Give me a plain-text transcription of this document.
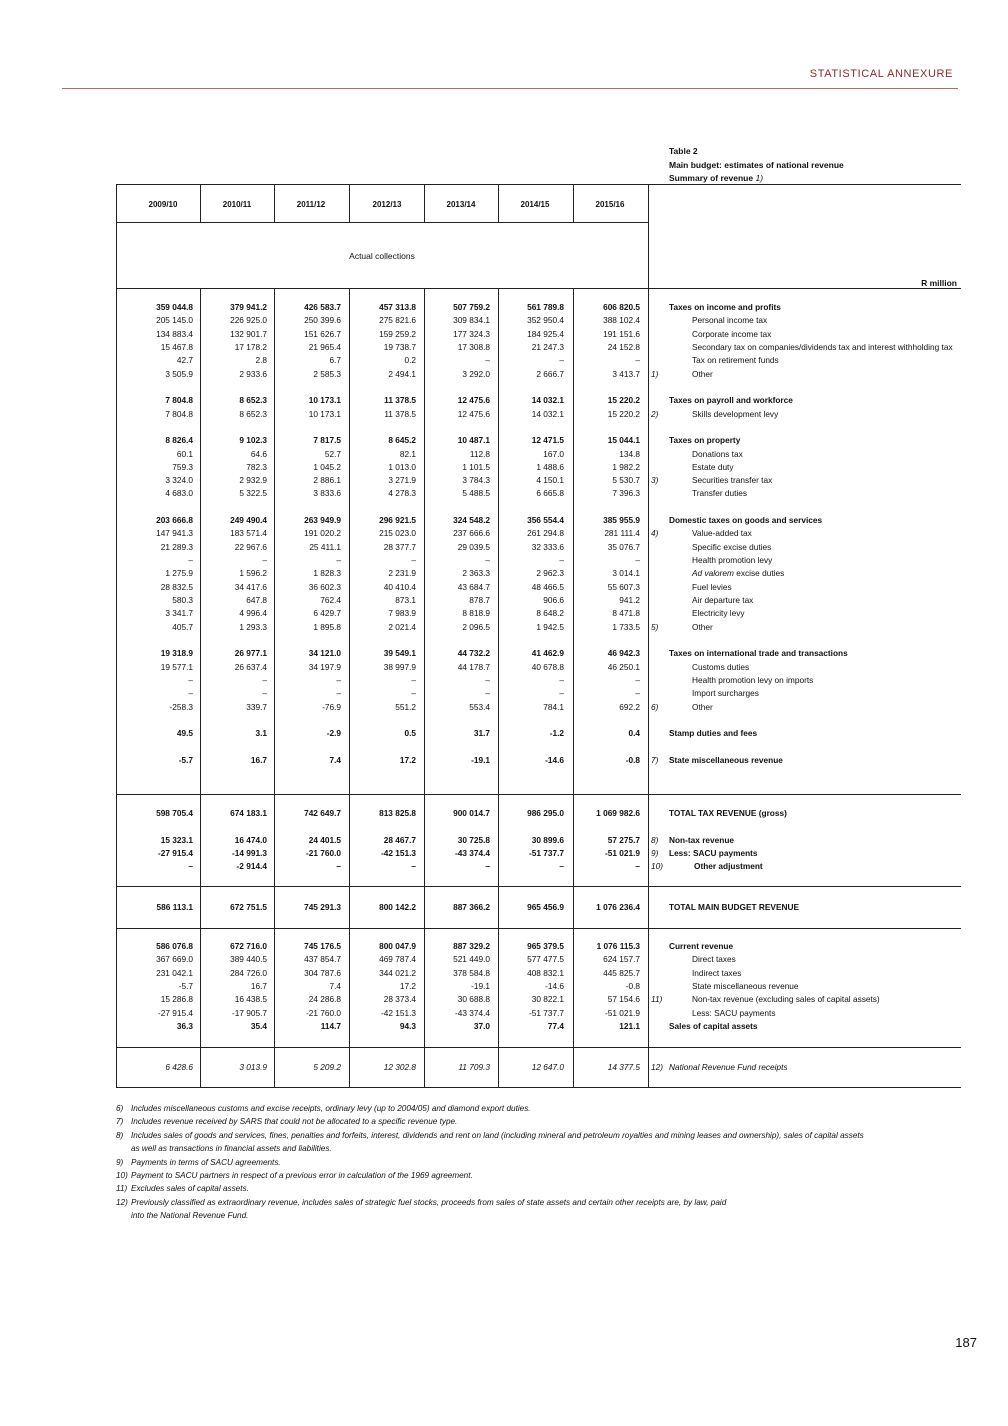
STATISTICAL ANNEXURE
Table 2
Main budget: estimates of national revenue
Summary of revenue 1)
2009/10	2010/11	2011/12	2012/13	2013/14	2014/15	2015/16
Actual collections
R million
359 044.8	379 941.2	426 583.7	457 313.8	507 759.2	561 789.8	606 820.5	Taxes on income and profits
205 145.0	226 925.0	250 399.6	275 821.6	309 834.1	352 950.4	388 102.4	Personal income tax
134 883.4	132 901.7	151 626.7	159 259.2	177 324.3	184 925.4	191 151.6	Corporate income tax
15 467.8	17 178.2	21 965.4	19 738.7	17 308.8	21 247.3	24 152.8	Secondary tax on companies/dividends tax and interest withholding tax
42.7	2.8	6.7	0.2	–	–	–	Tax on retirement funds
3 505.9	2 933.6	2 585.3	2 494.1	3 292.0	2 666.7	3 413.7 1)	Other
7 804.8	8 652.3	10 173.1	11 378.5	12 475.6	14 032.1	15 220.2	Taxes on payroll and workforce
7 804.8	8 652.3	10 173.1	11 378.5	12 475.6	14 032.1	15 220.2 2)	Skills development levy
8 826.4	9 102.3	7 817.5	8 645.2	10 487.1	12 471.5	15 044.1	Taxes on property
60.1	64.6	52.7	82.1	112.8	167.0	134.8	Donations tax
759.3	782.3	1 045.2	1 013.0	1 101.5	1 488.6	1 982.2	Estate duty
3 324.0	2 932.9	2 886.1	3 271.9	3 784.3	4 150.1	5 530.7 3)	Securities transfer tax
4 683.0	5 322.5	3 833.6	4 278.3	5 488.5	6 665.8	7 396.3	Transfer duties
203 666.8	249 490.4	263 949.9	296 921.5	324 548.2	356 554.4	385 955.9	Domestic taxes on goods and services
147 941.3	183 571.4	191 020.2	215 023.0	237 666.6	261 294.8	281 111.4 4)	Value-added tax
21 289.3	22 967.6	25 411.1	28 377.7	29 039.5	32 333.6	35 076.7	Specific excise duties
–	–	–	–	–	–	–	Health promotion levy
1 275.9	1 596.2	1 828.3	2 231.9	2 363.3	2 962.3	3 014.1	Ad valorem excise duties
28 832.5	34 417.6	36 602.3	40 410.4	43 684.7	48 466.5	55 607.3	Fuel levies
580.3	647.8	762.4	873.1	878.7	906.6	941.2	Air departure tax
3 341.7	4 996.4	6 429.7	7 983.9	8 818.9	8 648.2	8 471.8	Electricity levy
405.7	1 293.3	1 895.8	2 021.4	2 096.5	1 942.5	1 733.5 5)	Other
19 318.9	26 977.1	34 121.0	39 549.1	44 732.2	41 462.9	46 942.3	Taxes on international trade and transactions
19 577.1	26 637.4	34 197.9	38 997.9	44 178.7	40 678.8	46 250.1	Customs duties
–	–	–	–	–	–	–	Health promotion levy on imports
–	–	–	–	–	–	–	Import surcharges
-258.3	339.7	-76.9	551.2	553.4	784.1	692.2 6)	Other
49.5	3.1	-2.9	0.5	31.7	-1.2	0.4	Stamp duties and fees
-5.7	16.7	7.4	17.2	-19.1	-14.6	-0.8 7) State miscellaneous revenue
598 705.4	674 183.1	742 649.7	813 825.8	900 014.7	986 295.0	1 069 982.6	TOTAL TAX REVENUE (gross)
15 323.1	16 474.0	24 401.5	28 467.7	30 725.8	30 899.6	57 275.7 8) Non-tax revenue
-27 915.4	-14 991.3	-21 760.0	-42 151.3	-43 374.4	-51 737.7	-51 021.9 9) Less: SACU payments
–	-2 914.4	–	–	–	–	– 10)	Other adjustment
586 113.1	672 751.5	745 291.3	800 142.2	887 366.2	965 456.9	1 076 236.4	TOTAL MAIN BUDGET REVENUE
586 076.8	672 716.0	745 176.5	800 047.9	887 329.2	965 379.5	1 076 115.3	Current revenue
367 669.0	389 440.5	437 854.7	469 787.4	521 449.0	577 477.5	624 157.7	Direct taxes
231 042.1	284 726.0	304 787.6	344 021.2	378 584.8	408 832.1	445 825.7	Indirect taxes
-5.7	16.7	7.4	17.2	-19.1	-14.6	-0.8	State miscellaneous revenue
15 286.8	16 438.5	24 286.8	28 373.4	30 688.8	30 822.1	57 154.6 11)	Non-tax revenue (excluding sales of capital assets)
-27 915.4	-17 905.7	-21 760.0	-42 151.3	-43 374.4	-51 737.7	-51 021.9	Less: SACU payments
36.3	35.4	114.7	94.3	37.0	77.4	121.1	Sales of capital assets
6 428.6	3 013.9	5 209.2	12 302.8	11 709.3	12 647.0	14 377.5 12) National Revenue Fund receipts
6) Includes miscellaneous customs and excise receipts, ordinary levy (up to 2004/05) and diamond export duties.
7) Includes revenue received by SARS that could not be allocated to a specific revenue type.
8) Includes sales of goods and services, fines, penalties and forfeits, interest, dividends and rent on land (including mineral and petroleum royalties and mining leases and ownership), sales of capital assets
as well as transactions in financial assets and liabilities.
9) Payments in terms of SACU agreements.
10) Payment to SACU partners in respect of a previous error in calculation of the 1969 agreement.
11) Excludes sales of capital assets.
12) Previously classified as extraordinary revenue, includes sales of strategic fuel stocks, proceeds from sales of state assets and certain other receipts are, by law, paid
into the National Revenue Fund.
187
